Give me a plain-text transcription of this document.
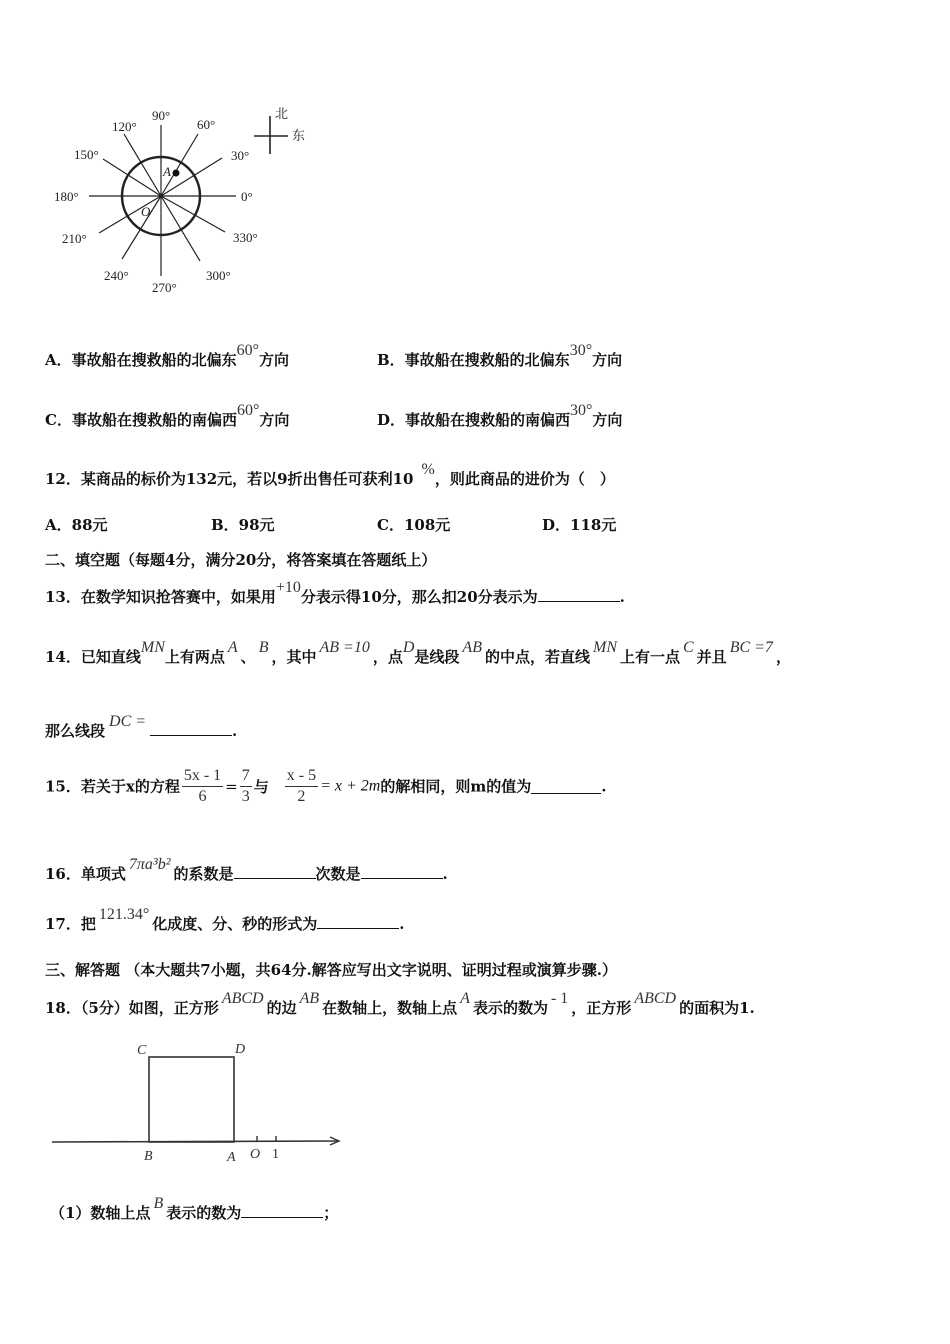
90°
120°	60°
150°	30°
180°	0°
210°	330°
240°	300°
270°
A
O
北
东
A．事故船在搜救船的北偏东60°方向	B．事故船在搜救船的北偏东30°方向
C．事故船在搜救船的南偏西60°方向	D．事故船在搜救船的南偏西30°方向
12．某商品的标价为132元，若以9折出售任可获利10%，则此商品的进价为（　）
A．88元	B．98元	C．108元	D．118元
二、填空题（每题4分，满分20分，将答案填在答题纸上）
13．在数学知识抢答赛中，如果用+10分表示得10分，那么扣20分表示为	.
14．已知直线MN上有两点A、B，其中AB =10，点D是线段AB的中点，若直线MN上有一点C并且BC =7，
那么线段DC =.
15．若关于x的方程 $\frac{5x - 1}{6} = \frac{7}{3}$ 与 $\frac{x - 5}{2} = x + 2m$的解相同，则m的值为	.
16．单项式7πa³b²的系数是	次数是	.
17．把121.34°化成度、分、秒的形式为	.
三、解答题 （本大题共7小题，共64分.解答应写出文字说明、证明过程或演算步骤.）
18．（5分）如图，正方形ABCD的边AB在数轴上，数轴上点A表示的数为- 1，正方形ABCD的面积为1.
C	D
B	A O 1
（1）数轴上点B表示的数为	；
